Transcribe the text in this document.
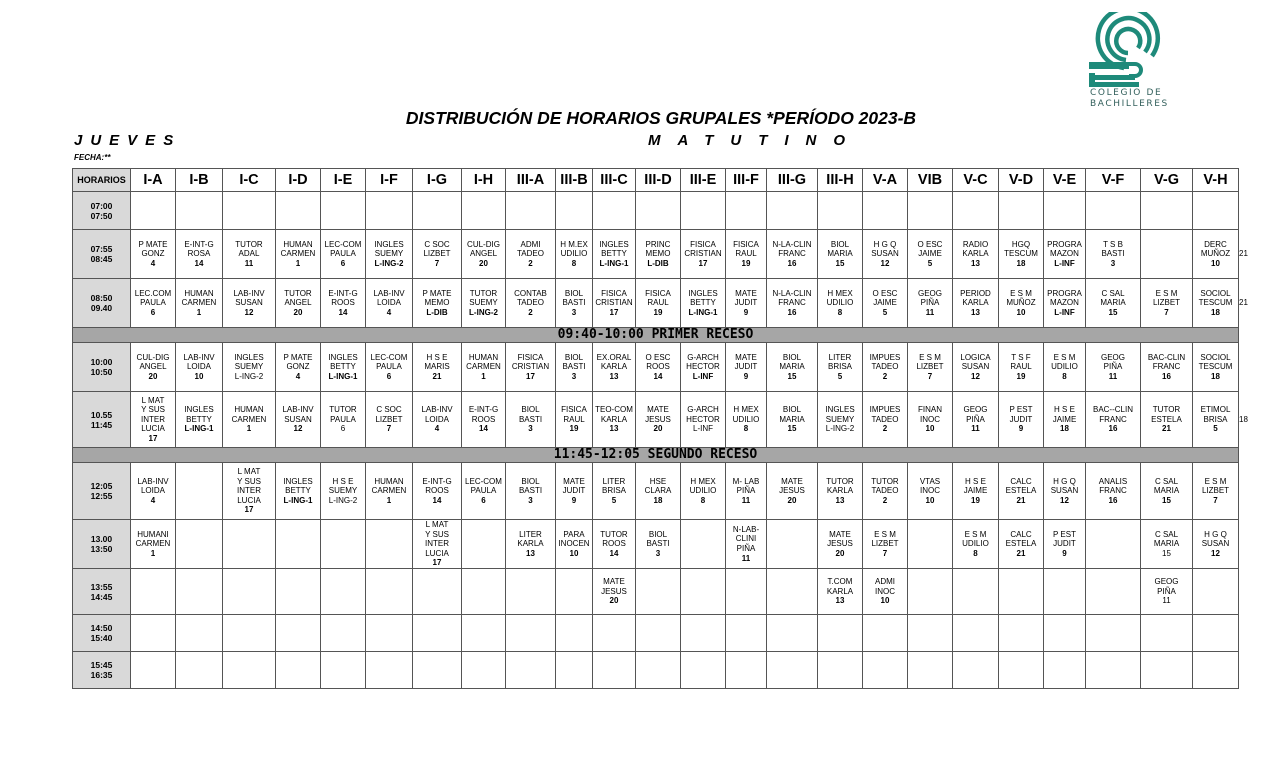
COLEGIO DE
BACHILLERES
DISTRIBUCIÓN DE HORARIOS GRUPALES *PERÍODO 2023-B
JUEVES	MATUTINO
FECHA:**
HORARIOS	I-A	I-B	I-C	I-D	I-E	I-F	I-G	I-H	III-A	III-B	III-C	III-D	III-E	III-F	III-G	III-H	V-A	VIB	V-C	V-D	V-E	V-F	V-G	V-H

07:00
07:50																								

07:55
08:45	P MATE
GONZ
4	E-INT-G
ROSA
14	TUTOR
ADAL
11	HUMAN
CARMEN
1	LEC-COM
PAULA
6	INGLES
SUEMY
L-ING-2	C SOC
LIZBET
7	CUL-DIG
ANGEL
20	ADMI
TADEO
2	H M.EX
UDILIO
8	INGLES
BETTY
L-ING-1	PRINC
MEMO
L-DIB	FISICA
CRISTIAN
17	FISICA
RAUL
19	N-LA-CLIN
FRANC
16	BIOL
MARIA
15	H G Q
SUSAN
12	O ESC
JAIME
5	RADIO
KARLA
13	HGQ
TESCUM
18	PROGRA
MAZON
L-INF	T S B
BASTI
3		DERC
MUÑOZ
10

08:50
09.40	LEC.COM
PAULA
6	HUMAN
CARMEN
1	LAB-INV
SUSAN
12	TUTOR
ANGEL
20	E-INT-G
ROOS
14	LAB-INV
LOIDA
4	P MATE
MEMO
L-DIB	TUTOR
SUEMY
L-ING-2	CONTAB
TADEO
2	BIOL
BASTI
3	FISICA
CRISTIAN
17	FISICA
RAUL
19	INGLES
BETTY
L-ING-1	MATE
JUDIT
9	N-LA-CLIN
FRANC
16	H MEX
UDILIO
8	O ESC
JAIME
5	GEOG
PIÑA
11	PERIOD
KARLA
13	E S M
MUÑOZ
10	PROGRA
MAZON
L-INF	C SAL
MARIA
15	E S M
LIZBET
7	SOCIOL
TESCUM
18

09:40-10:00 PRIMER RECESO																								

10:00
10:50	CUL-DIG
ANGEL
20	LAB-INV
LOIDA
10	INGLES
SUEMY
L-ING-2	P MATE
GONZ
4	INGLES
BETTY
L-ING-1	LEC-COM
PAULA
6	H S E
MARIS
21	HUMAN
CARMEN
1	FISICA
CRISTIAN
17	BIOL
BASTI
3	EX.ORAL
KARLA
13	O ESC
ROOS
14	G-ARCH
HECTOR
L-INF	MATE
JUDIT
9	BIOL
MARIA
15	LITER
BRISA
5	IMPUES
TADEO
2	E S M
LIZBET
7	LOGICA
SUSAN
12	T S F
RAUL
19	E S M
UDILIO
8	GEOG
PIÑA
11	BAC-CLIN
FRANC
16	SOCIOL
TESCUM
18

10.55
11:45	L MAT
Y SUS
INTER
LUCIA
17	INGLES
BETTY
L-ING-1	HUMAN
CARMEN
1	LAB-INV
SUSAN
12	TUTOR
PAULA
6	C SOC
LIZBET
7	LAB-INV
LOIDA
4	E-INT-G
ROOS
14	BIOL
BASTI
3	FISICA
RAUL
19	TEO-COM
KARLA
13	MATE
JESUS
20	G-ARCH
HECTOR
L-INF	H MEX
UDILIO
8	BIOL
MARIA
15	INGLES
SUEMY
L-ING-2	IMPUES
TADEO
2	FINAN
INOC
10	GEOG
PIÑA
11	P EST
JUDIT
9	H S E
JAIME
18	BAC--CLIN
FRANC
16	TUTOR
ESTELA
21	ETIMOL
BRISA
5

11:45-12:05 SEGUNDO RECESO																								

12:05
12:55	LAB-INV
LOIDA
4		L MAT
Y SUS
INTER
LUCIA
17	INGLES
BETTY
L-ING-1	H S E
SUEMY
L-ING-2	HUMAN
CARMEN
1	E-INT-G
ROOS
14	LEC-COM
PAULA
6	BIOL
BASTI
3	MATE
JUDIT
9	LITER
BRISA
5	HSE
CLARA
18	H MEX
UDILIO
8	M- LAB
PIÑA
11	MATE
JESUS
20	TUTOR
KARLA
13	TUTOR
TADEO
2	VTAS
INOC
10	H S E
JAIME
19	CALC
ESTELA
21	H G Q
SUSAN
12	ANALIS
FRANC
16	C SAL
MARIA
15	E S M
LIZBET
7

13.00
13:50	HUMANI
CARMEN
1						L MAT
Y SUS
INTER
LUCIA
17		LITER
KARLA
13	PARA
INOCEN
10	TUTOR
ROOS
14	BIOL
BASTI
3		N-LAB-
CLINI
PIÑA
11		MATE
JESUS
20	E S M
LIZBET
7		E S M
UDILIO
8	CALC
ESTELA
21	P EST
JUDIT
9		C SAL
MARIA
15	H G Q
SUSAN
12

13:55
14:45											MATE
JESUS
20					T.COM
KARLA
13	ADMI
INOC
10						GEOG
PIÑA
11	

14:50
15:40																								

15:45
16:35																								

21
21
18
